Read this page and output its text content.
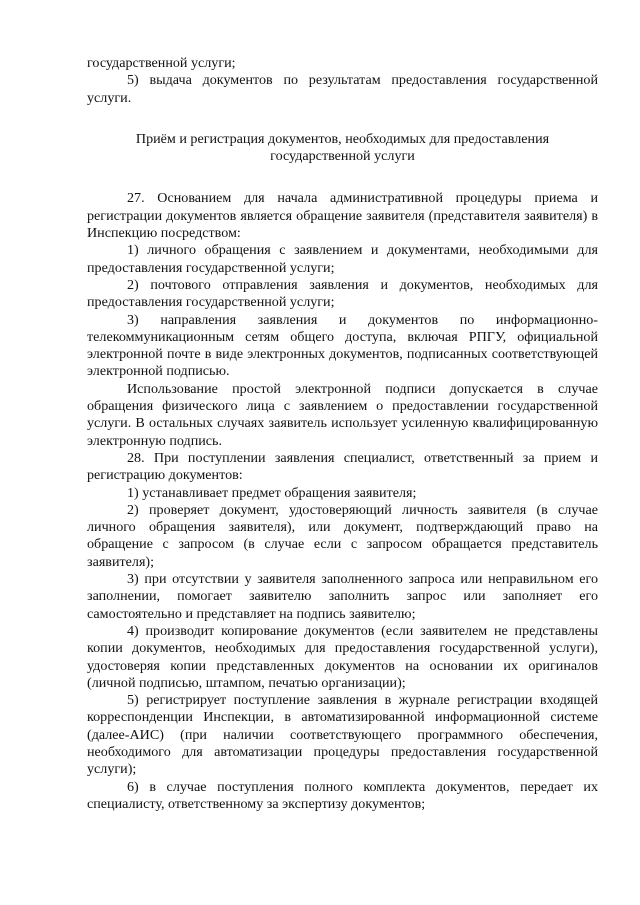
государственной услуги;

5) выдача документов по результатам предоставления государственной услуги.

Приём и регистрация документов, необходимых для предоставления
государственной услуги

27. Основанием для начала административной процедуры приема и регистрации документов является обращение заявителя (представителя заявителя) в Инспекцию посредством:

1) личного обращения с заявлением и документами, необходимыми для предоставления государственной услуги;

2) почтового отправления заявления и документов, необходимых для предоставления государственной услуги;

3) направления заявления и документов по информационно-телекоммуникационным сетям общего доступа, включая РПГУ, официальной электронной почте в виде электронных документов, подписанных соответствующей электронной подписью.

Использование простой электронной подписи допускается в случае обращения физического лица с заявлением о предоставлении государственной услуги. В остальных случаях заявитель использует усиленную квалифицированную электронную подпись.

28. При поступлении заявления специалист, ответственный за прием и регистрацию документов:

1) устанавливает предмет обращения заявителя;

2) проверяет документ, удостоверяющий личность заявителя (в случае личного обращения заявителя), или документ, подтверждающий право на обращение с запросом (в случае если с запросом обращается представитель заявителя);

3) при отсутствии у заявителя заполненного запроса или неправильном его заполнении, помогает заявителю заполнить запрос или заполняет его самостоятельно и представляет на подпись заявителю;

4) производит копирование документов (если заявителем не представлены копии документов, необходимых для предоставления государственной услуги), удостоверяя копии представленных документов на основании их оригиналов (личной подписью, штампом, печатью организации);

5) регистрирует поступление заявления в журнале регистрации входящей корреспонденции Инспекции, в автоматизированной информационной системе (далее-АИС) (при наличии соответствующего программного обеспечения, необходимого для автоматизации процедуры предоставления государственной услуги);

6) в случае поступления полного комплекта документов, передает их специалисту, ответственному за экспертизу документов;
